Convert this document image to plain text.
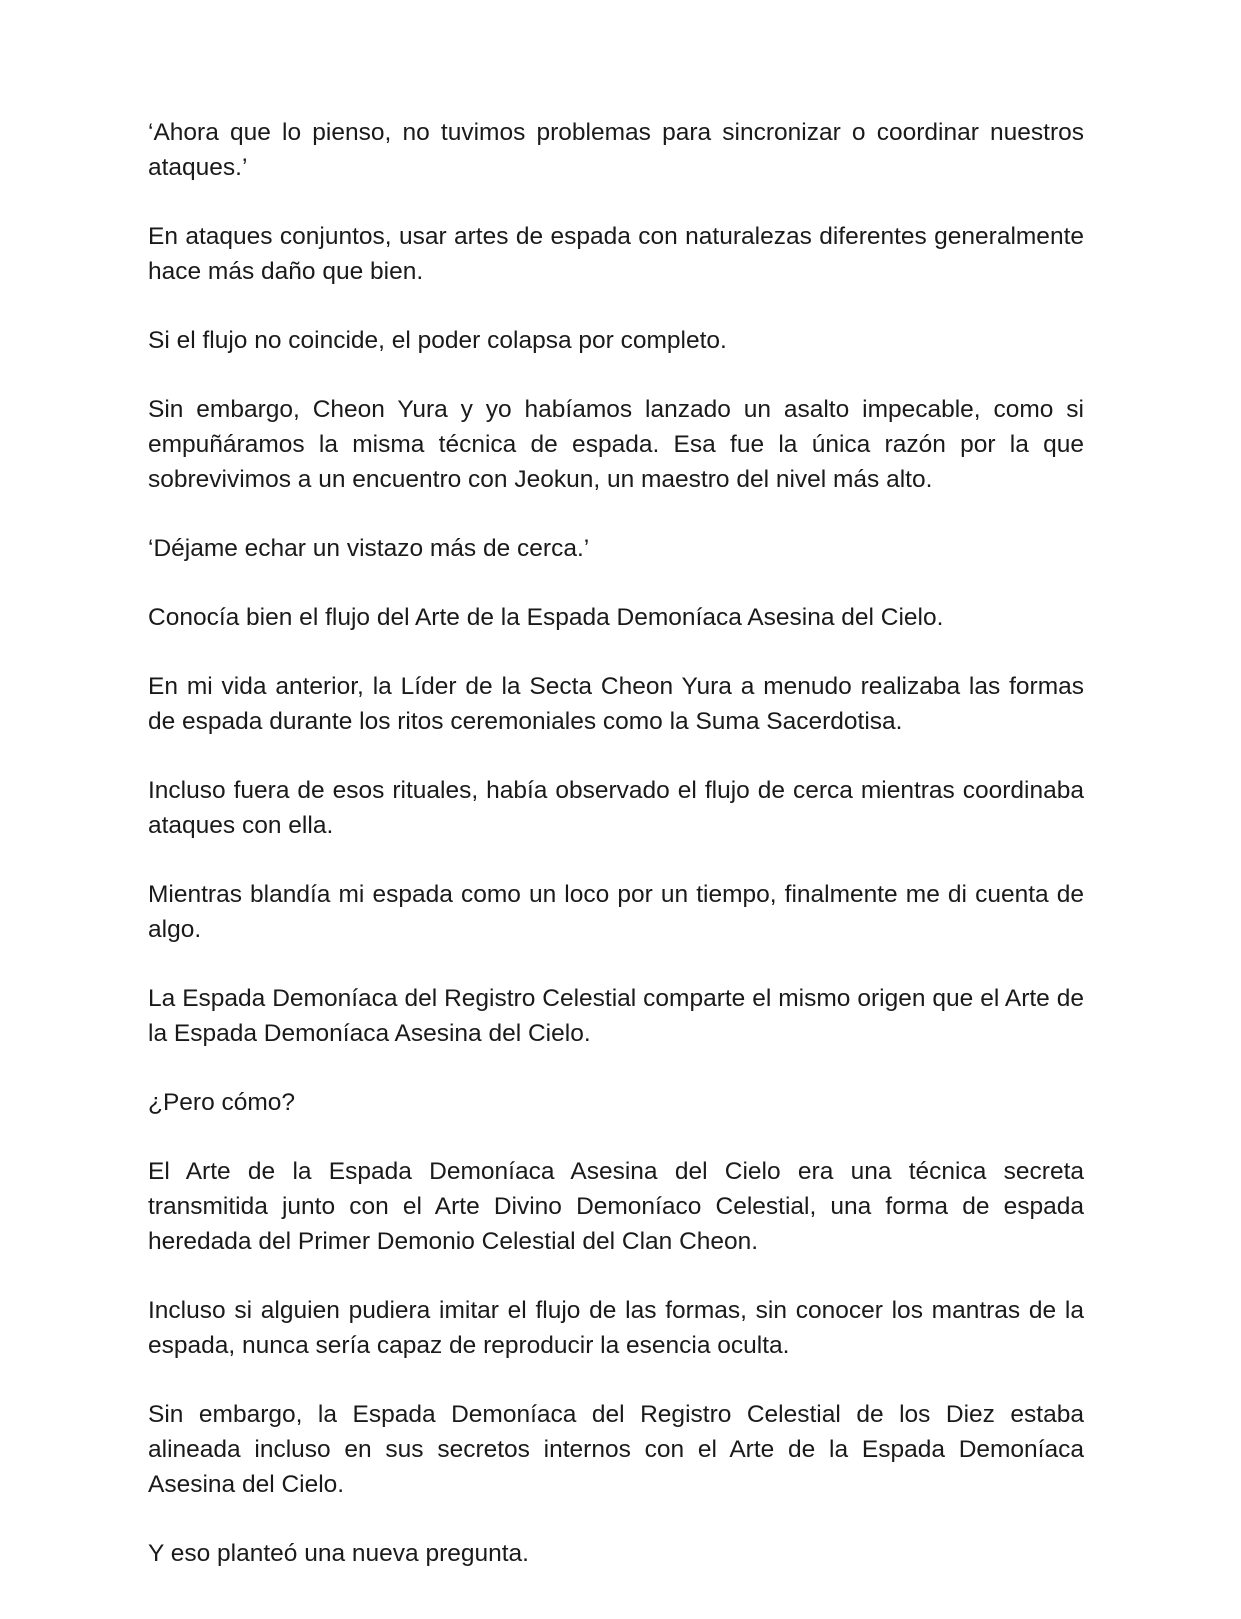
‘Ahora que lo pienso, no tuvimos problemas para sincronizar o coordinar nuestros ataques.’

En ataques conjuntos, usar artes de espada con naturalezas diferentes generalmente hace más daño que bien.

Si el flujo no coincide, el poder colapsa por completo.

Sin embargo, Cheon Yura y yo habíamos lanzado un asalto impecable, como si empuñáramos la misma técnica de espada. Esa fue la única razón por la que sobrevivimos a un encuentro con Jeokun, un maestro del nivel más alto.

‘Déjame echar un vistazo más de cerca.’

Conocía bien el flujo del Arte de la Espada Demoníaca Asesina del Cielo.

En mi vida anterior, la Líder de la Secta Cheon Yura a menudo realizaba las formas de espada durante los ritos ceremoniales como la Suma Sacerdotisa.

Incluso fuera de esos rituales, había observado el flujo de cerca mientras coordinaba ataques con ella.

Mientras blandía mi espada como un loco por un tiempo, finalmente me di cuenta de algo.

La Espada Demoníaca del Registro Celestial comparte el mismo origen que el Arte de la Espada Demoníaca Asesina del Cielo.

¿Pero cómo?

El Arte de la Espada Demoníaca Asesina del Cielo era una técnica secreta transmitida junto con el Arte Divino Demoníaco Celestial, una forma de espada heredada del Primer Demonio Celestial del Clan Cheon.

Incluso si alguien pudiera imitar el flujo de las formas, sin conocer los mantras de la espada, nunca sería capaz de reproducir la esencia oculta.

Sin embargo, la Espada Demoníaca del Registro Celestial de los Diez estaba alineada incluso en sus secretos internos con el Arte de la Espada Demoníaca Asesina del Cielo.

Y eso planteó una nueva pregunta.
